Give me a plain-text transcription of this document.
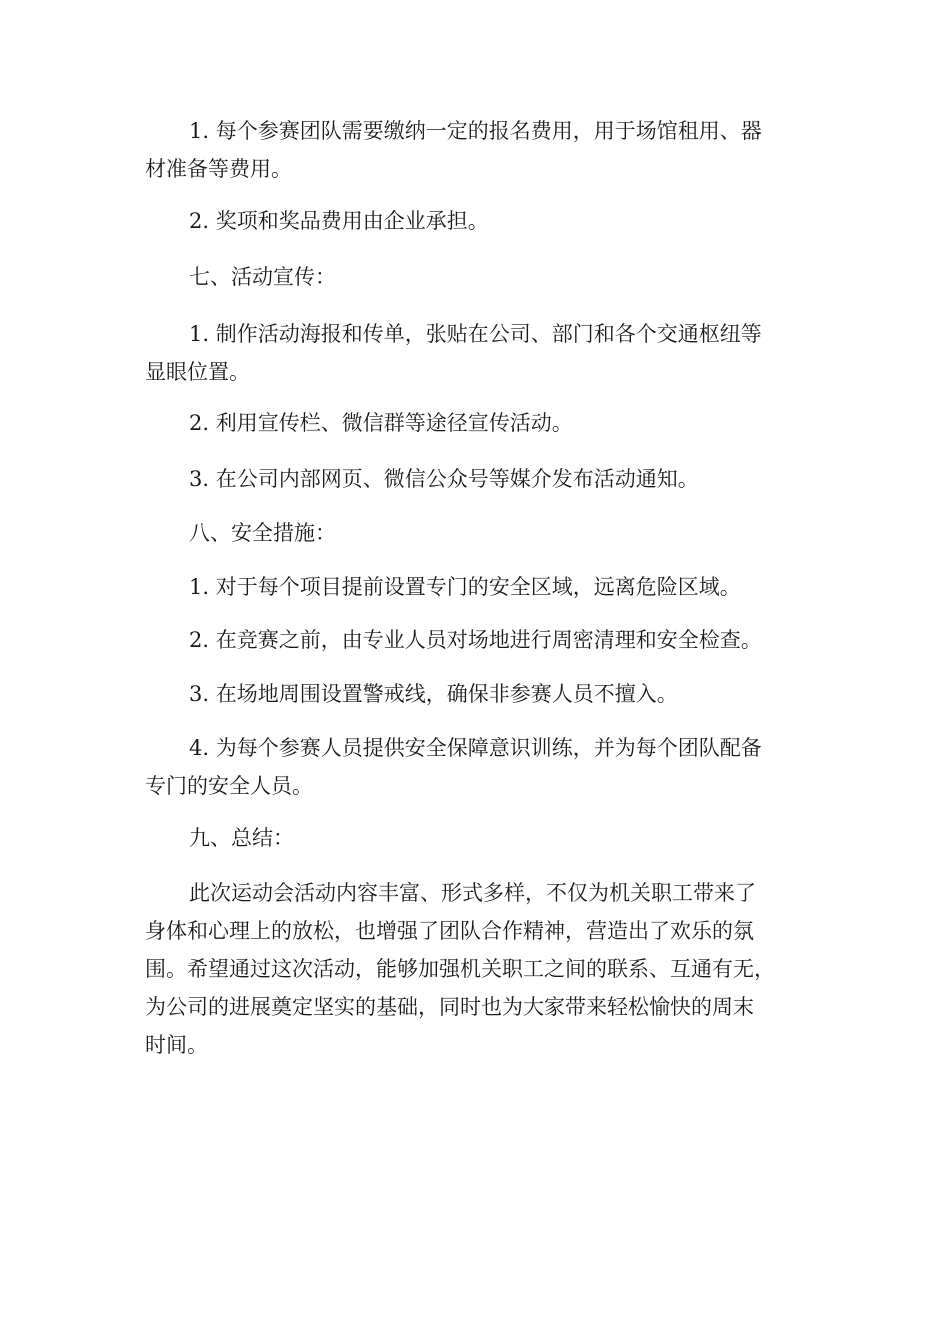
1. 每个参赛团队需要缴纳一定的报名费用，用于场馆租用、器
材准备等费用。

2. 奖项和奖品费用由企业承担。

七、活动宣传：

1. 制作活动海报和传单，张贴在公司、部门和各个交通枢纽等
显眼位置。

2. 利用宣传栏、微信群等途径宣传活动。

3. 在公司内部网页、微信公众号等媒介发布活动通知。

八、安全措施：

1. 对于每个项目提前设置专门的安全区域，远离危险区域。

2. 在竞赛之前，由专业人员对场地进行周密清理和安全检查。

3. 在场地周围设置警戒线，确保非参赛人员不擅入。

4. 为每个参赛人员提供安全保障意识训练，并为每个团队配备
专门的安全人员。

九、总结：

此次运动会活动内容丰富、形式多样，不仅为机关职工带来了
身体和心理上的放松，也增强了团队合作精神，营造出了欢乐的氛
围。希望通过这次活动，能够加强机关职工之间的联系、互通有无，
为公司的进展奠定坚实的基础，同时也为大家带来轻松愉快的周末
时间。
